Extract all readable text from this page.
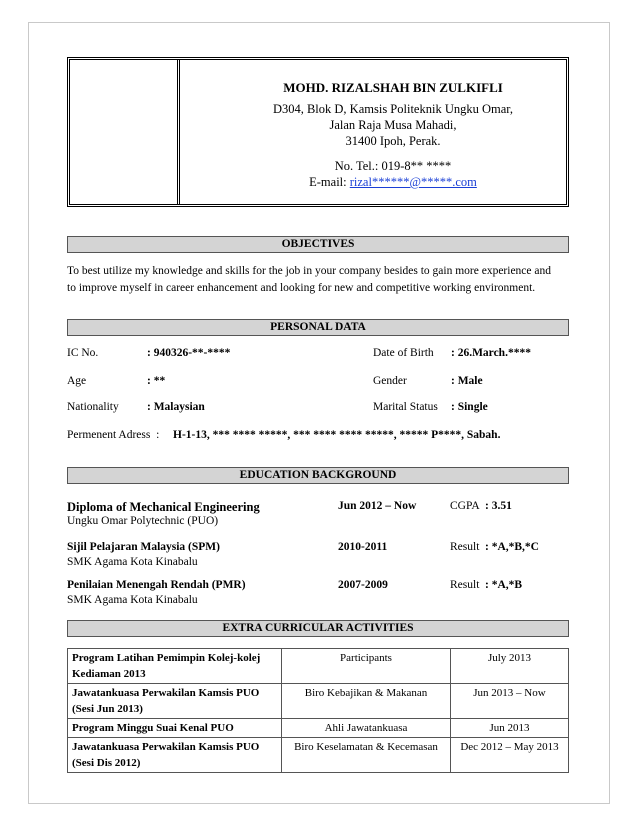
MOHD. RIZALSHAH BIN ZULKIFLI
D304, Blok D, Kamsis Politeknik Ungku Omar,
Jalan Raja Musa Mahadi,
31400 Ipoh, Perak.
No. Tel.: 019-8** ****
E-mail: rizal******@*****.com
OBJECTIVES
To best utilize my knowledge and skills for the job in your company besides to gain more experience and
to improve myself in career enhancement and looking for new and competitive working environment.
PERSONAL DATA
IC No.	: 940326-**-****	Date of Birth : 26.March.****
Age	: **	Gender	: Male
Nationality : Malaysian	Marital Status : Single
Permenent Adress  : H-1-13, *** **** *****, *** **** **** *****, ***** P****, Sabah.
EDUCATION BACKGROUND
Diploma of Mechanical Engineering
Ungku Omar Polytechnic (PUO)
Jun 2012 – Now	CGPA : 3.51
Sijil Pelajaran Malaysia (SPM)
SMK Agama Kota Kinabalu
2010-2011	Result : *A,*B,*C
Penilaian Menengah Rendah (PMR)
SMK Agama Kota Kinabalu
2007-2009	Result : *A,*B
EXTRA CURRICULAR ACTIVITIES
Program Latihan Pemimpin Kolej-kolej Kediaman 2013	Participants	July 2013
Jawatankuasa Perwakilan Kamsis PUO (Sesi Jun 2013)	Biro Kebajikan & Makanan	Jun 2013 – Now
Program Minggu Suai Kenal PUO	Ahli Jawatankuasa	Jun 2013
Jawatankuasa Perwakilan Kamsis PUO (Sesi Dis 2012)	Biro Keselamatan & Kecemasan	Dec 2012 – May 2013
